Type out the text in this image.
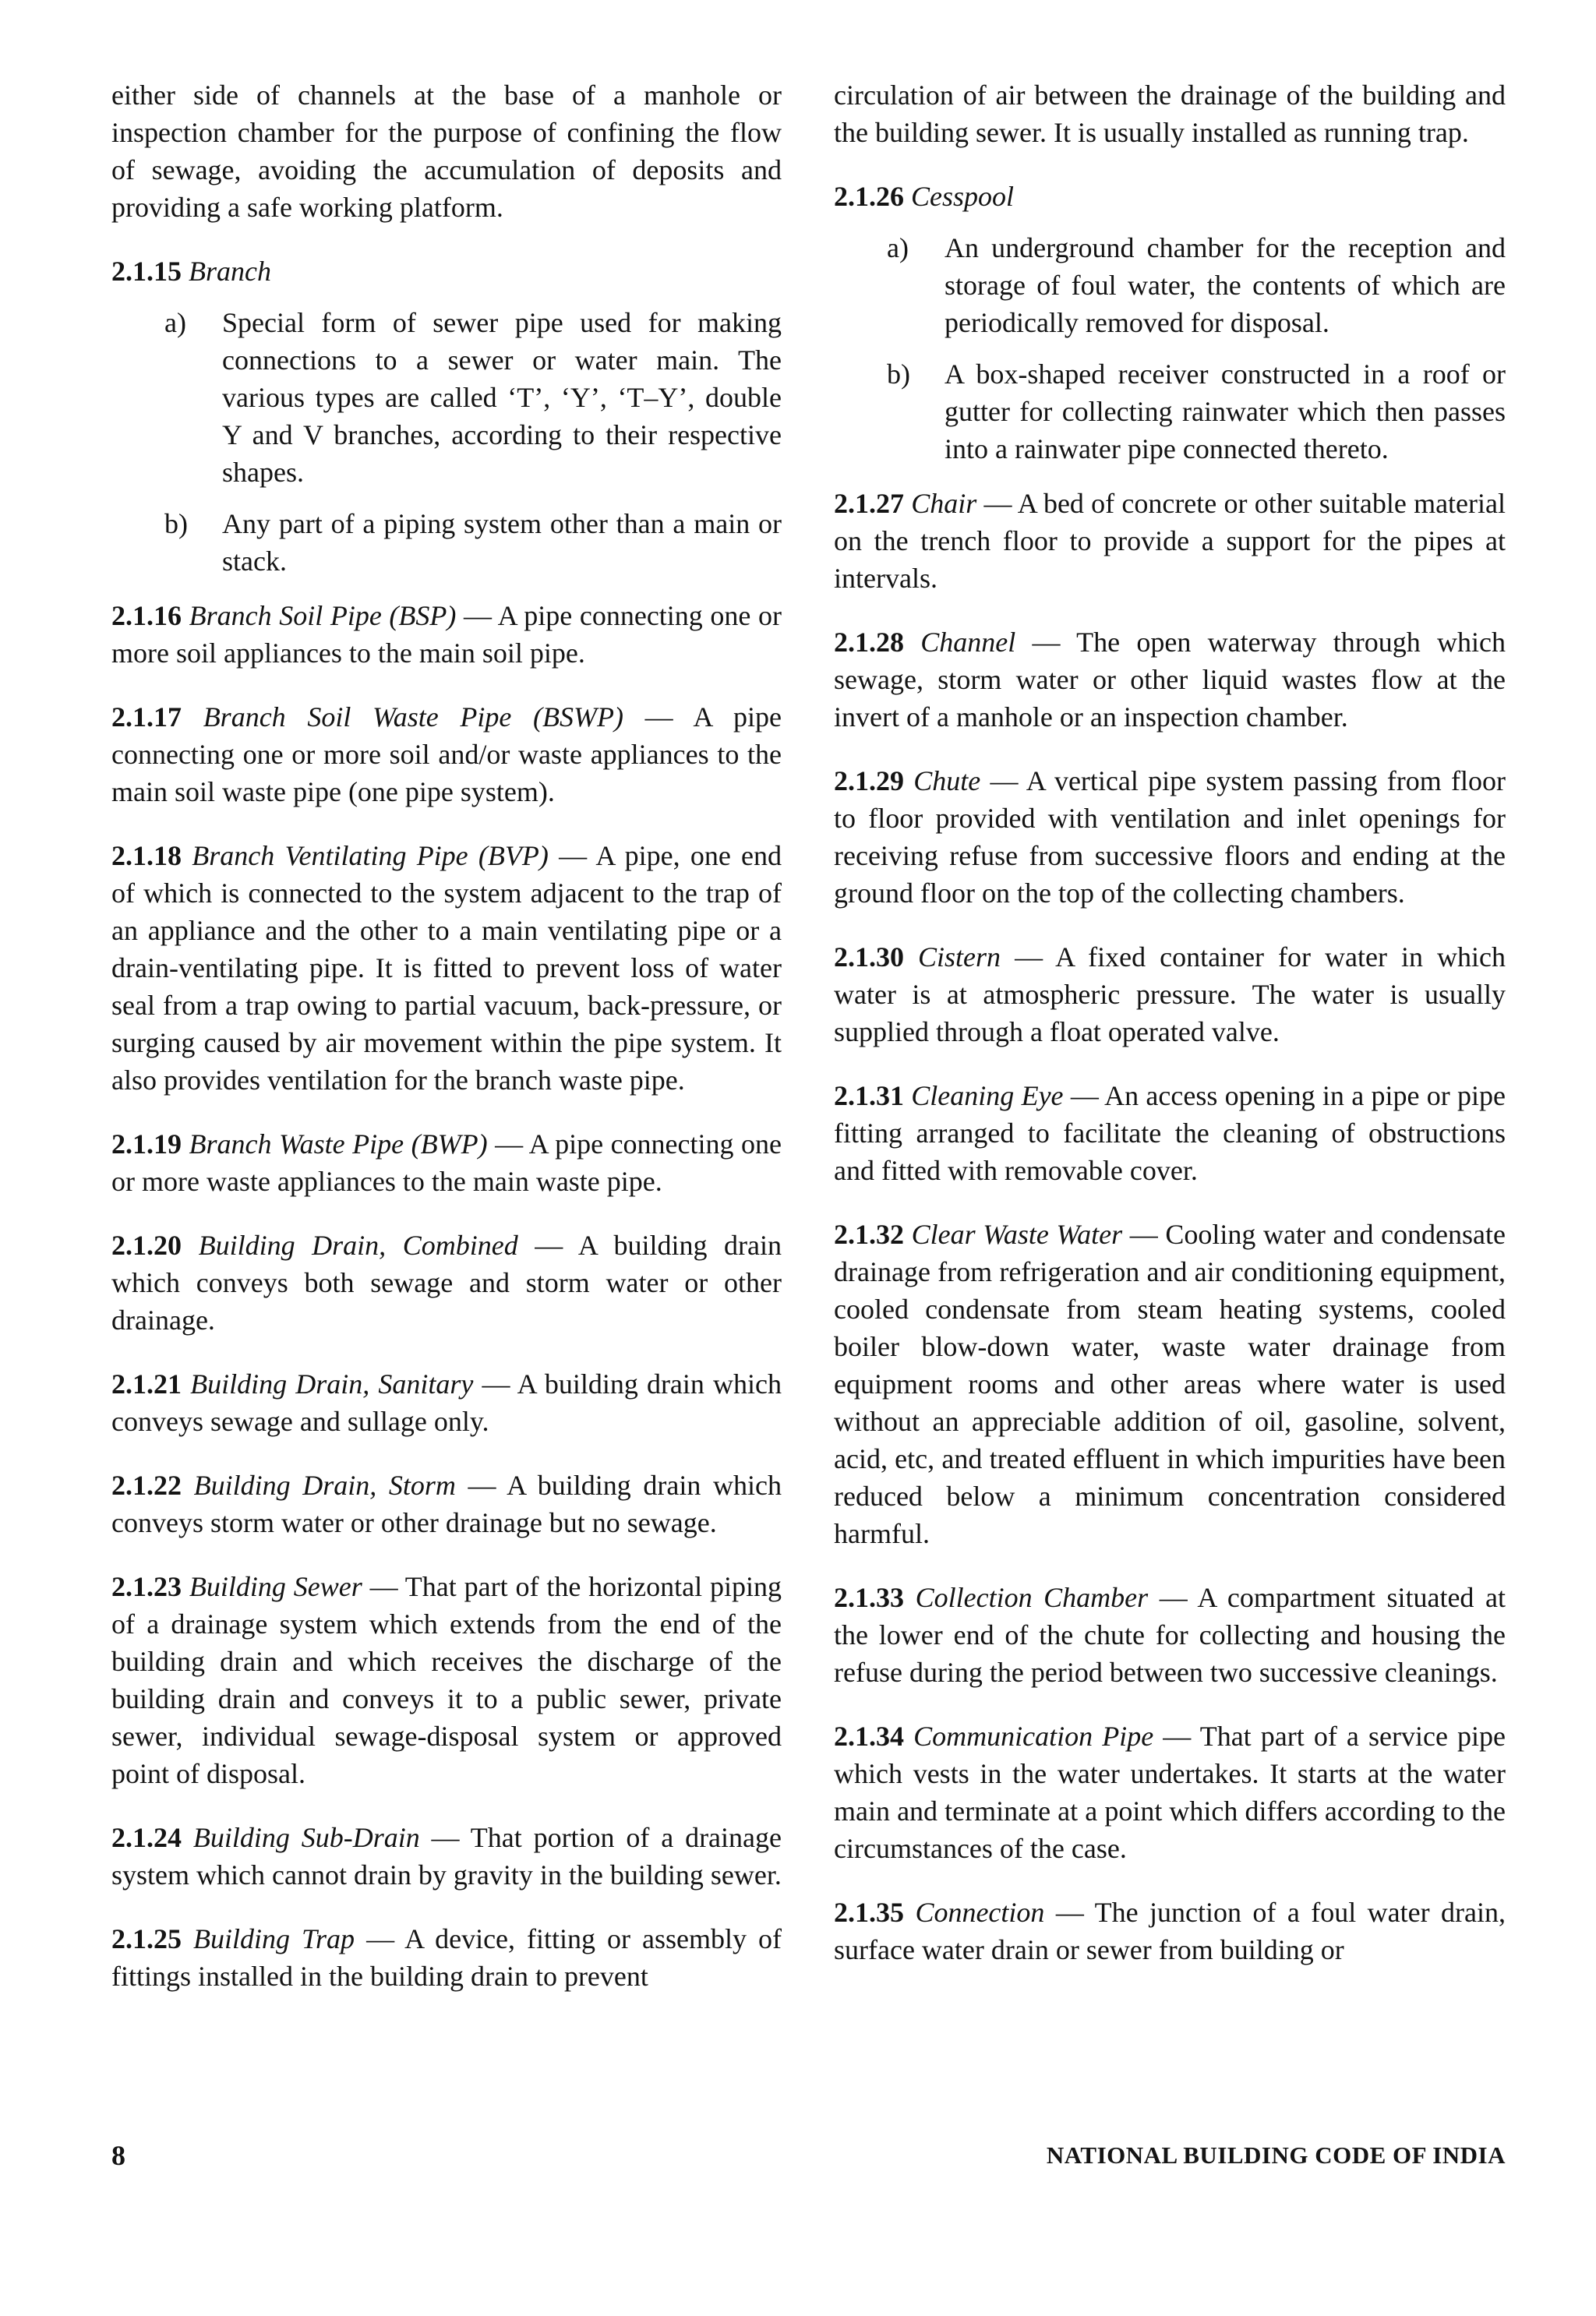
either side of channels at the base of a manhole or inspection chamber for the purpose of confining the flow of sewage, avoiding the accumulation of deposits and providing a safe working platform.

2.1.15 Branch
a) Special form of sewer pipe used for making connections to a sewer or water main. The various types are called ‘T’, ‘Y’, ‘T–Y’, double Y and V branches, according to their respective shapes.
b) Any part of a piping system other than a main or stack.

2.1.16 Branch Soil Pipe (BSP) — A pipe connecting one or more soil appliances to the main soil pipe.

2.1.17 Branch Soil Waste Pipe (BSWP) — A pipe connecting one or more soil and/or waste appliances to the main soil waste pipe (one pipe system).

2.1.18 Branch Ventilating Pipe (BVP) — A pipe, one end of which is connected to the system adjacent to the trap of an appliance and the other to a main ventilating pipe or a drain-ventilating pipe. It is fitted to prevent loss of water seal from a trap owing to partial vacuum, back-pressure, or surging caused by air movement within the pipe system. It also provides ventilation for the branch waste pipe.

2.1.19 Branch Waste Pipe (BWP) — A pipe connecting one or more waste appliances to the main waste pipe.

2.1.20 Building Drain, Combined — A building drain which conveys both sewage and storm water or other drainage.

2.1.21 Building Drain, Sanitary — A building drain which conveys sewage and sullage only.

2.1.22 Building Drain, Storm — A building drain which conveys storm water or other drainage but no sewage.

2.1.23 Building Sewer — That part of the horizontal piping of a drainage system which extends from the end of the building drain and which receives the discharge of the building drain and conveys it to a public sewer, private sewer, individual sewage-disposal system or approved point of disposal.

2.1.24 Building Sub-Drain — That portion of a drainage system which cannot drain by gravity in the building sewer.

2.1.25 Building Trap — A device, fitting or assembly of fittings installed in the building drain to prevent

circulation of air between the drainage of the building and the building sewer. It is usually installed as running trap.

2.1.26 Cesspool
a) An underground chamber for the reception and storage of foul water, the contents of which are periodically removed for disposal.
b) A box-shaped receiver constructed in a roof or gutter for collecting rainwater which then passes into a rainwater pipe connected thereto.

2.1.27 Chair — A bed of concrete or other suitable material on the trench floor to provide a support for the pipes at intervals.

2.1.28 Channel — The open waterway through which sewage, storm water or other liquid wastes flow at the invert of a manhole or an inspection chamber.

2.1.29 Chute — A vertical pipe system passing from floor to floor provided with ventilation and inlet openings for receiving refuse from successive floors and ending at the ground floor on the top of the collecting chambers.

2.1.30 Cistern — A fixed container for water in which water is at atmospheric pressure. The water is usually supplied through a float operated valve.

2.1.31 Cleaning Eye — An access opening in a pipe or pipe fitting arranged to facilitate the cleaning of obstructions and fitted with removable cover.

2.1.32 Clear Waste Water — Cooling water and condensate drainage from refrigeration and air conditioning equipment, cooled condensate from steam heating systems, cooled boiler blow-down water, waste water drainage from equipment rooms and other areas where water is used without an appreciable addition of oil, gasoline, solvent, acid, etc, and treated effluent in which impurities have been reduced below a minimum concentration considered harmful.

2.1.33 Collection Chamber — A compartment situated at the lower end of the chute for collecting and housing the refuse during the period between two successive cleanings.

2.1.34 Communication Pipe — That part of a service pipe which vests in the water undertakes. It starts at the water main and terminate at a point which differs according to the circumstances of the case.

2.1.35 Connection — The junction of a foul water drain, surface water drain or sewer from building or

8	NATIONAL BUILDING CODE OF INDIA
